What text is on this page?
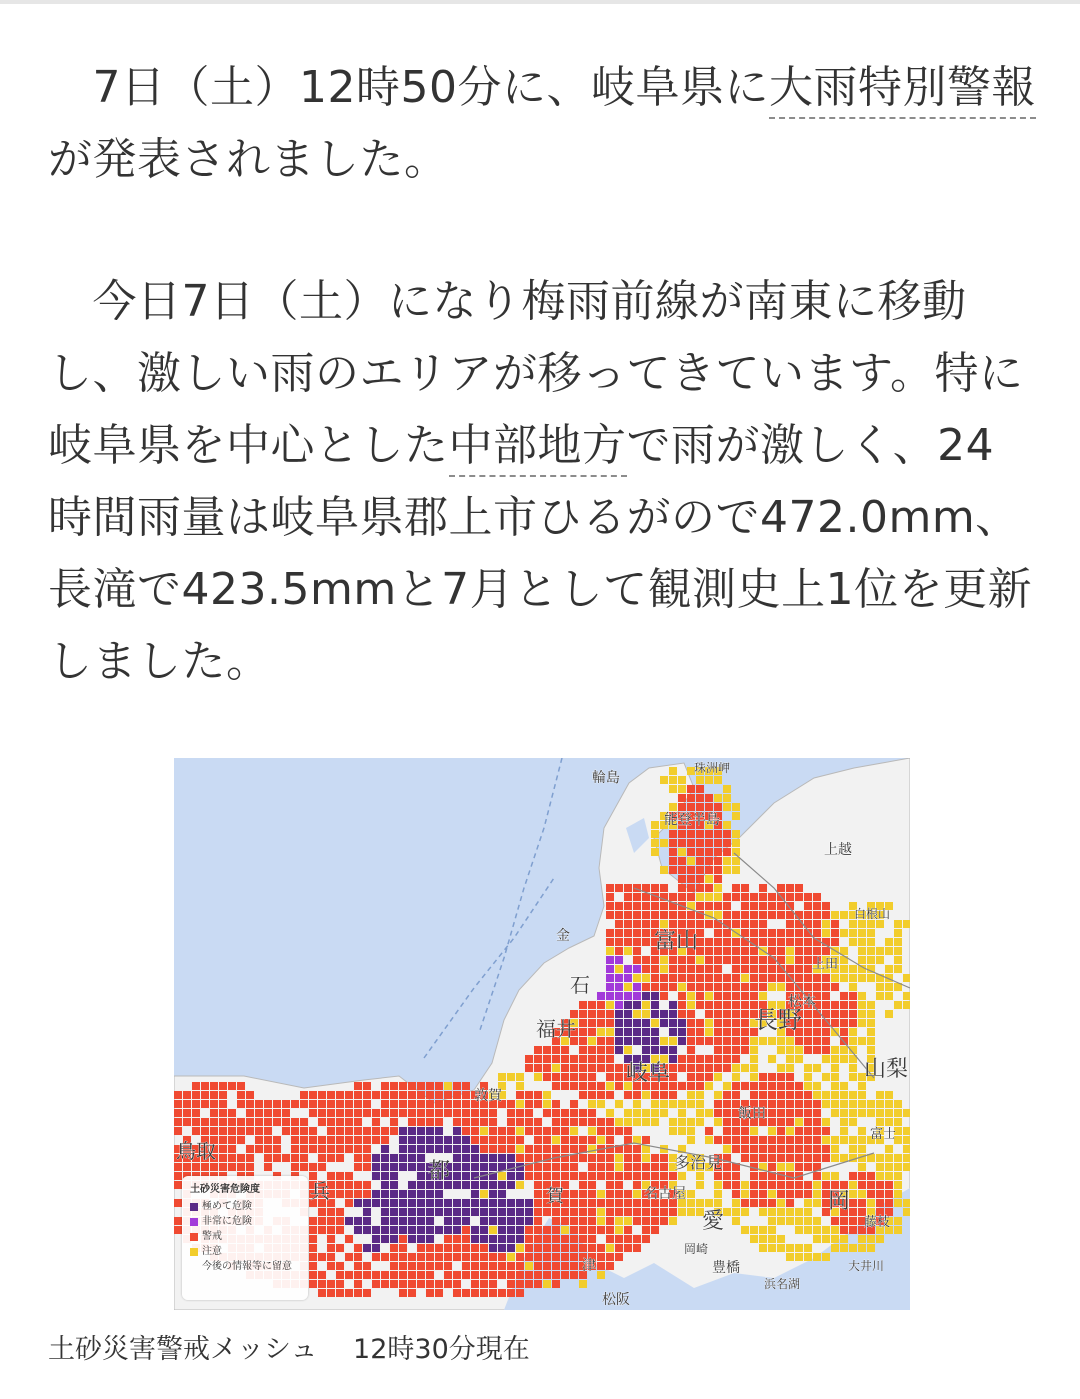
　7日（土）12時50分に、岐阜県に大雨特別警報が発表されました。

　今日7日（土）になり梅雨前線が南東に移動し、激しい雨のエリアが移ってきています。特に岐阜県を中心とした中部地方で雨が激しく、24時間雨量は岐阜県郡上市ひるがので472.0mm、長滝で423.5mmと7月として観測史上1位を更新しました。

輪島
珠洲岬
能登半島
金
石
富山
福井
敦賀
岐阜
長野
松本
上越
上田
飯田
多治見
名古屋
愛
豊橋
岡崎
岡
藤枝
大井川
山梨
鳥取
都
兵
津
松阪
賀
浜名湖
白根山
富士
土砂災害危険度
極めて危険
非常に危険
警戒
注意
今後の情報等に留意
土砂災害警戒メッシュ　 12時30分現在
